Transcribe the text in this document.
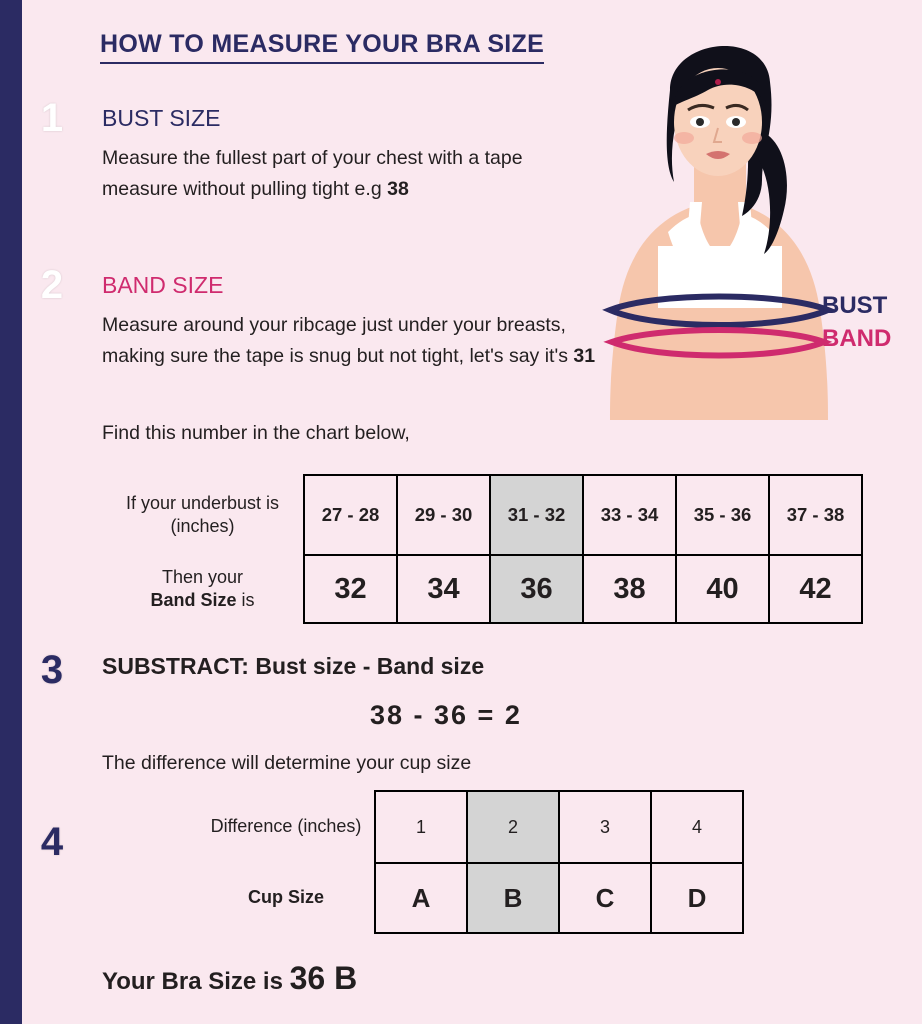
HOW TO MEASURE YOUR BRA SIZE
1
2
3
4
BUST SIZE
Measure the fullest part of your chest with a tape measure without pulling tight e.g 38
BAND SIZE
Measure around your ribcage just under your breasts, making sure the tape is snug but not tight, let's say it's 31
Find this number in the chart below,
If your underbust is (inches)	27 - 28	29 - 30	31 - 32	33 - 34	35 - 36	37 - 38
Then your
Band Size is	32	34	36	38	40	42
SUBSTRACT: Bust size - Band size
38 - 36 = 2
The difference will determine your cup size
Difference (inches)	1	2	3	4
Cup Size	A	B	C	D
Your Bra Size is 36 B
BUST
BAND
